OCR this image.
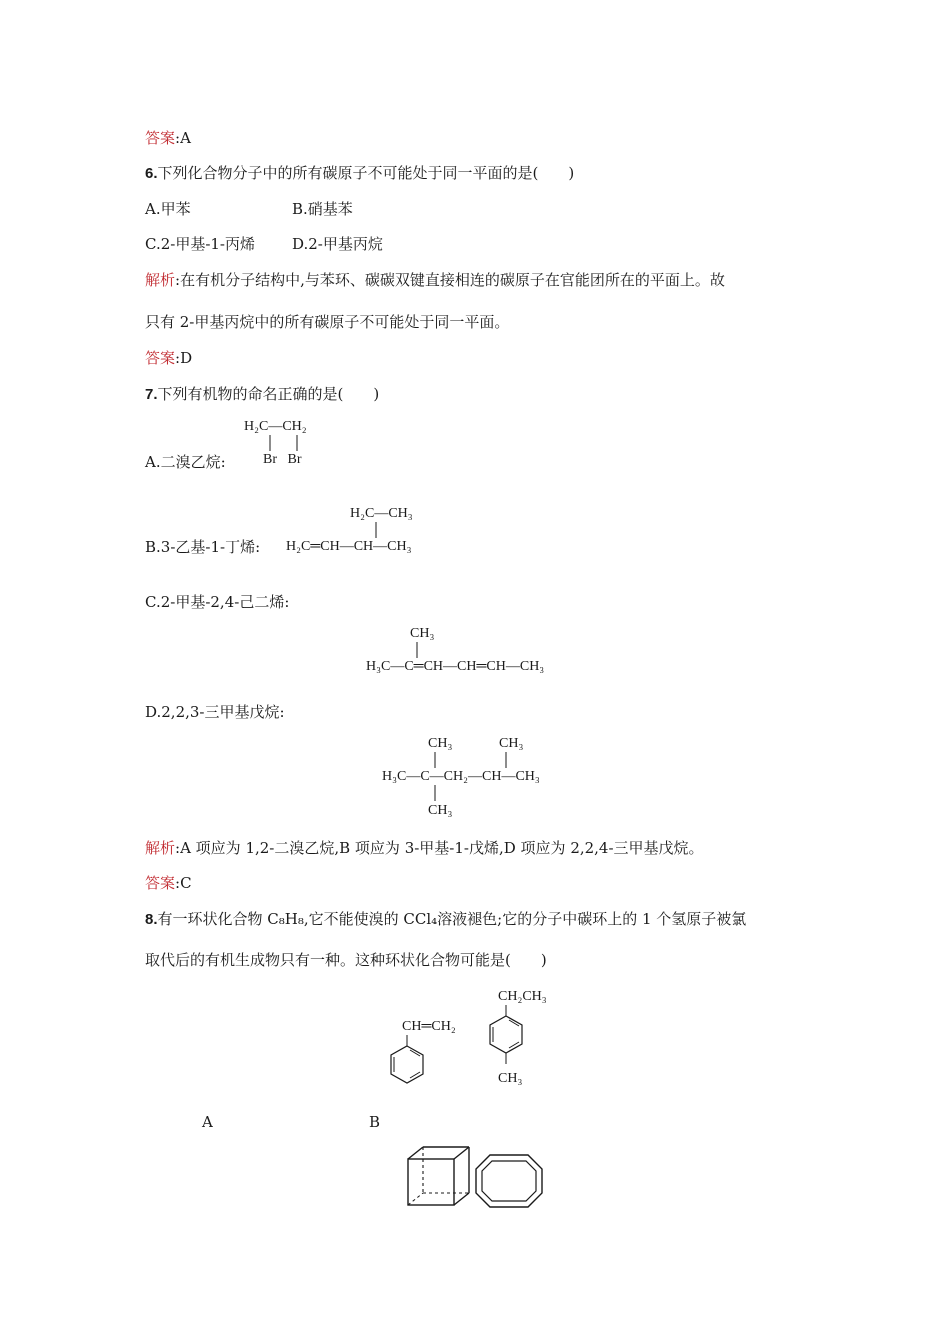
答案:A
6.下列化合物分子中的所有碳原子不可能处于同一平面的是(　　)
A.甲苯	B.硝基苯
C.2-甲基-1-丙烯 D.2-甲基丙烷
解析:在有机分子结构中,与苯环、碳碳双键直接相连的碳原子在官能团所在的平面上。故
只有 2-甲基丙烷中的所有碳原子不可能处于同一平面。
答案:D
7.下列有机物的命名正确的是(　　)
A.二溴乙烷:
H₂C—CH₂
Br   Br
B.3-乙基-1-丁烯:
H₂C—CH₃
H₂C═CH—CH—CH₃
C.2-甲基-2,4-己二烯:
CH₃
H₃C—C═CH—CH═CH—CH₃
D.2,2,3-三甲基戊烷:
CH₃	CH₃
H₃C—C—CH₂—CH—CH₃
CH₃
解析:A 项应为 1,2-二溴乙烷,B 项应为 3-甲基-1-戊烯,D 项应为 2,2,4-三甲基戊烷。
答案:C
8.有一环状化合物 C₈H₈,它不能使溴的 CCl₄溶液褪色;它的分子中碳环上的 1 个氢原子被氯
取代后的有机生成物只有一种。这种环状化合物可能是(　　)
CH═CH₂
CH₂CH₃
CH₃
A	B
